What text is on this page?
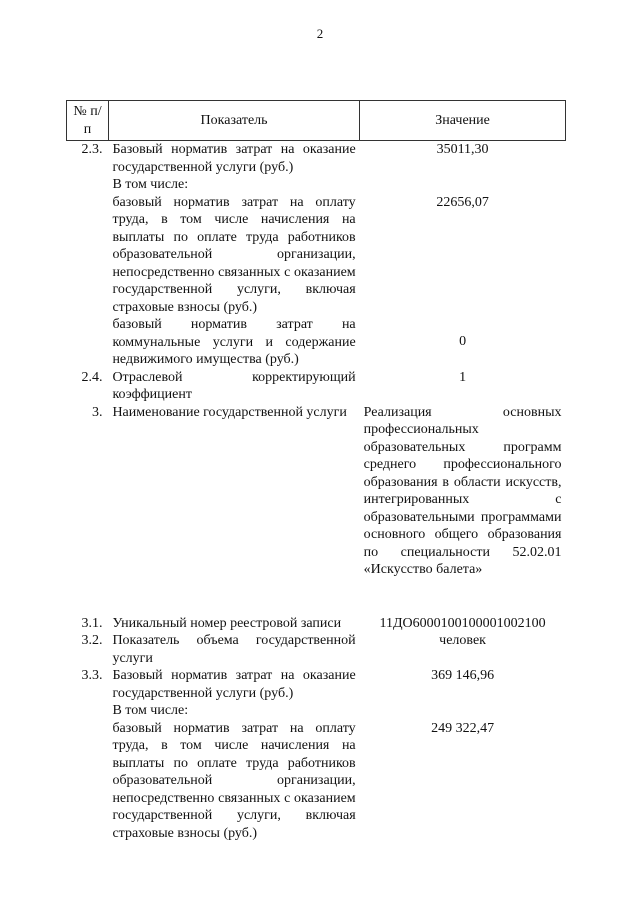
2
№ п/п	Показатель	Значение
2.3.	Базовый норматив затрат на оказание государственной услуги (руб.)	35011,30
	В том числе:	
	базовый норматив затрат на оплату труда, в том числе начисления на выплаты по оплате труда работников образовательной организации, непосредственно связанных с оказанием государственной услуги, включая страховые взносы (руб.)	22656,07
	базовый норматив затрат на коммунальные услуги и содержание недвижимого имущества (руб.)	0
2.4.	Отраслевой корректирующий коэффициент	1
3.	Наименование государственной услуги	Реализация основных профессиональных образовательных программ среднего профессионального образования в области искусств, интегрированных с образовательными программами основного общего образования по специальности 52.02.01 «Искусство балета»

3.1.	Уникальный номер реестровой записи	11ДО6000100100001002100
3.2.	Показатель объема государственной услуги	человек
3.3.	Базовый норматив затрат на оказание государственной услуги (руб.)	369 146,96
	В том числе:	
	базовый норматив затрат на оплату труда, в том числе начисления на выплаты по оплате труда работников образовательной организации, непосредственно связанных с оказанием государственной услуги, включая страховые взносы (руб.)	249 322,47
